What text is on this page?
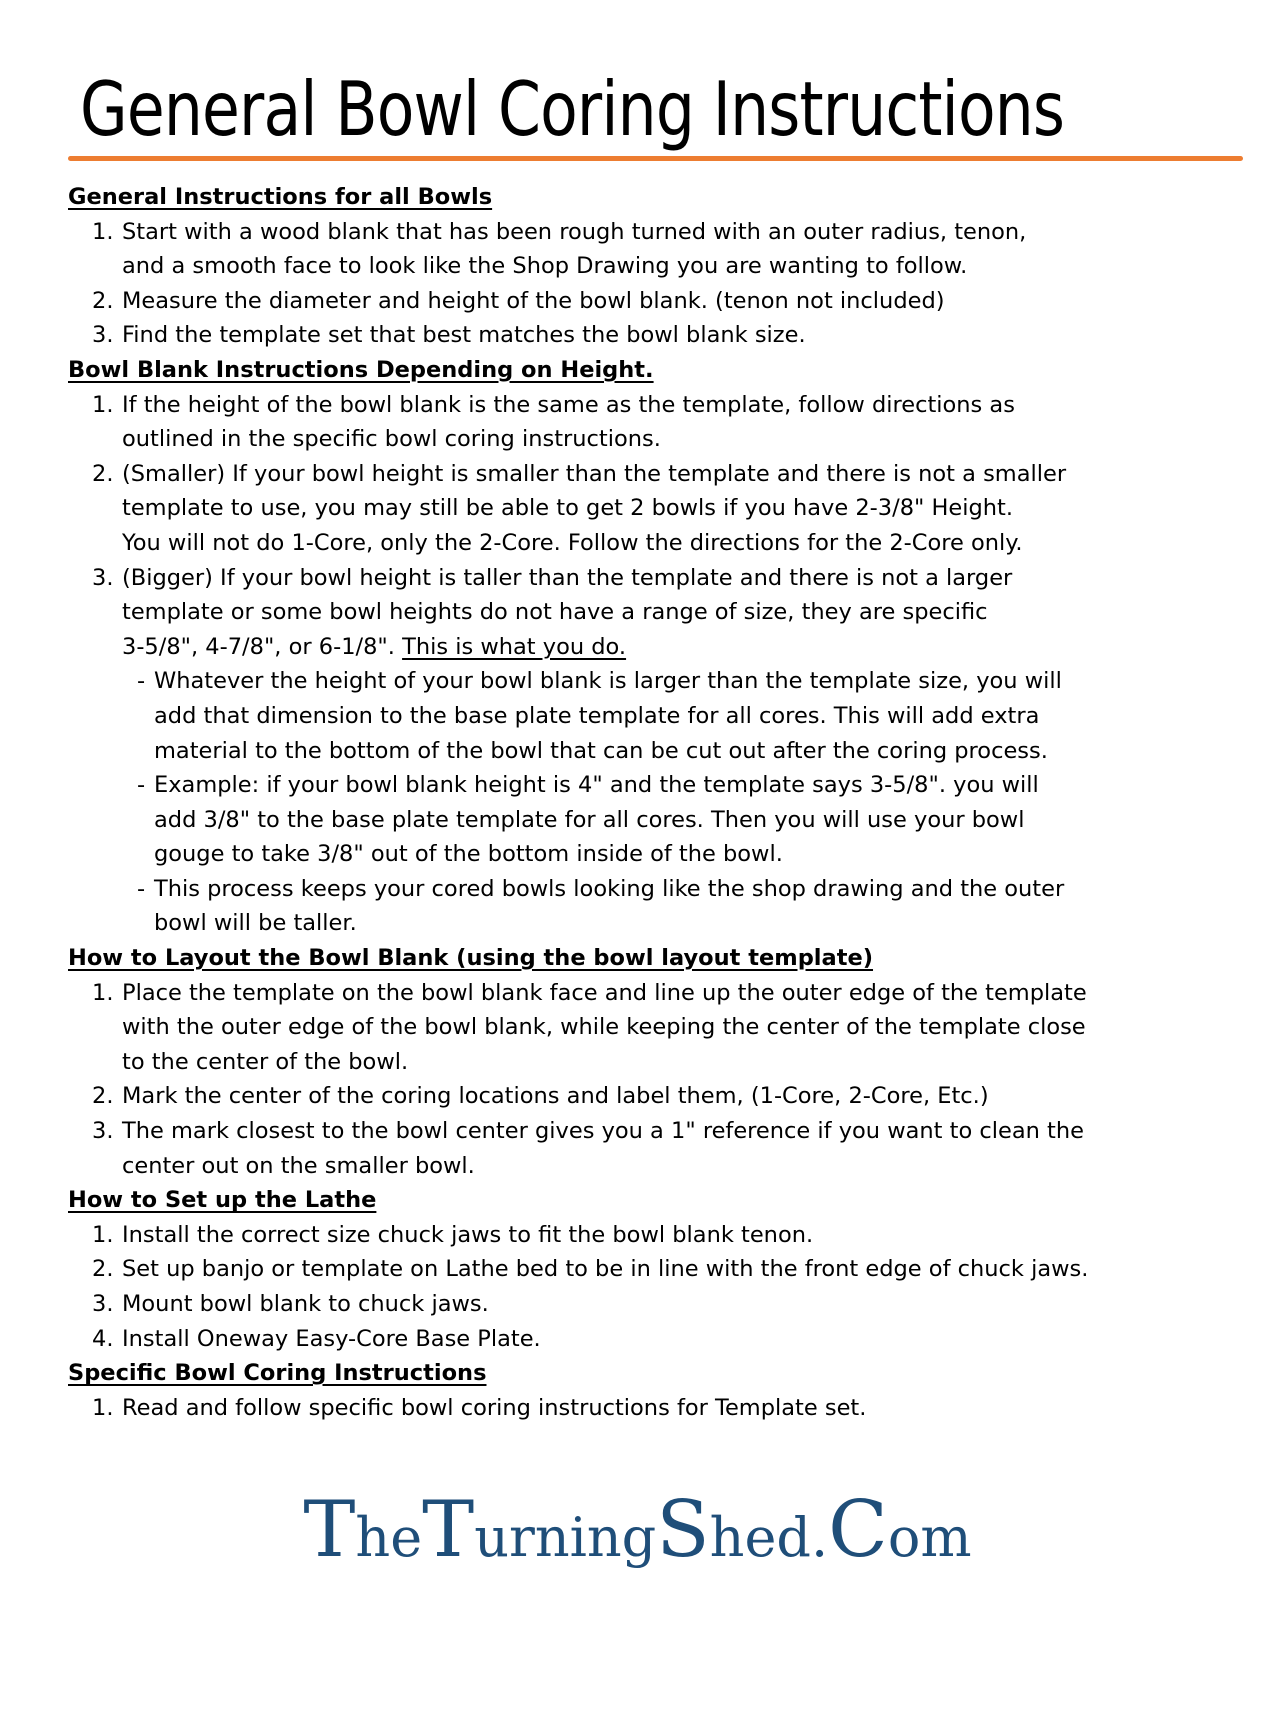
General Bowl Coring Instructions
General Instructions for all Bowls
1. Start with a wood blank that has been rough turned with an outer radius, tenon,
and a smooth face to look like the Shop Drawing you are wanting to follow.
2. Measure the diameter and height of the bowl blank. (tenon not included)
3. Find the template set that best matches the bowl blank size.
Bowl Blank Instructions Depending on Height.
1. If the height of the bowl blank is the same as the template, follow directions as
outlined in the specific bowl coring instructions.
2. (Smaller) If your bowl height is smaller than the template and there is not a smaller
template to use, you may still be able to get 2 bowls if you have 2-3/8" Height.
You will not do 1-Core, only the 2-Core. Follow the directions for the 2-Core only.
3. (Bigger) If your bowl height is taller than the template and there is not a larger
template or some bowl heights do not have a range of size, they are specific
3-5/8", 4-7/8", or 6-1/8". This is what you do.
- Whatever the height of your bowl blank is larger than the template size, you will
add that dimension to the base plate template for all cores. This will add extra
material to the bottom of the bowl that can be cut out after the coring process.
- Example: if your bowl blank height is 4" and the template says 3-5/8". you will
add 3/8" to the base plate template for all cores. Then you will use your bowl
gouge to take 3/8" out of the bottom inside of the bowl.
- This process keeps your cored bowls looking like the shop drawing and the outer
bowl will be taller.
How to Layout the Bowl Blank (using the bowl layout template)
1. Place the template on the bowl blank face and line up the outer edge of the template
with the outer edge of the bowl blank, while keeping the center of the template close
to the center of the bowl.
2. Mark the center of the coring locations and label them, (1-Core, 2-Core, Etc.)
3. The mark closest to the bowl center gives you a 1" reference if you want to clean the
center out on the smaller bowl.
How to Set up the Lathe
1. Install the correct size chuck jaws to fit the bowl blank tenon.
2. Set up banjo or template on Lathe bed to be in line with the front edge of chuck jaws.
3. Mount bowl blank to chuck jaws.
4. Install Oneway Easy-Core Base Plate.
Specific Bowl Coring Instructions
1. Read and follow specific bowl coring instructions for Template set.
TheTurningShed.Com
